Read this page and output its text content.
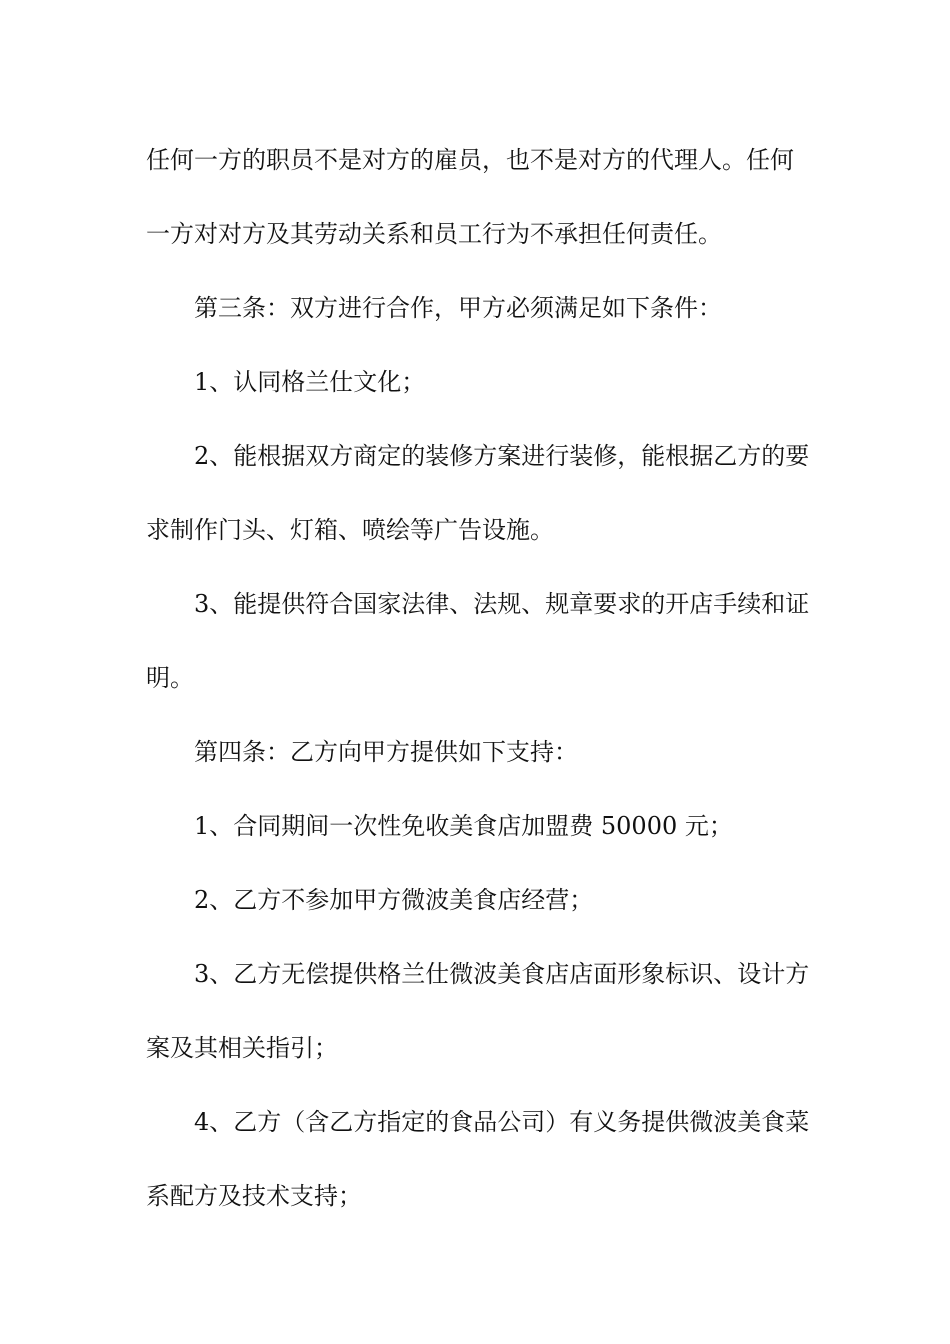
任何一方的职员不是对方的雇员，也不是对方的代理人。任何
一方对对方及其劳动关系和员工行为不承担任何责任。
第三条：双方进行合作，甲方必须满足如下条件：
1、认同格兰仕文化；
2、能根据双方商定的装修方案进行装修，能根据乙方的要
求制作门头、灯箱、喷绘等广告设施。
3、能提供符合国家法律、法规、规章要求的开店手续和证
明。
第四条：乙方向甲方提供如下支持：
1、合同期间一次性免收美食店加盟费 50000 元；
2、乙方不参加甲方微波美食店经营；
3、乙方无偿提供格兰仕微波美食店店面形象标识、设计方
案及其相关指引；
4、乙方（含乙方指定的食品公司）有义务提供微波美食菜
系配方及技术支持；
